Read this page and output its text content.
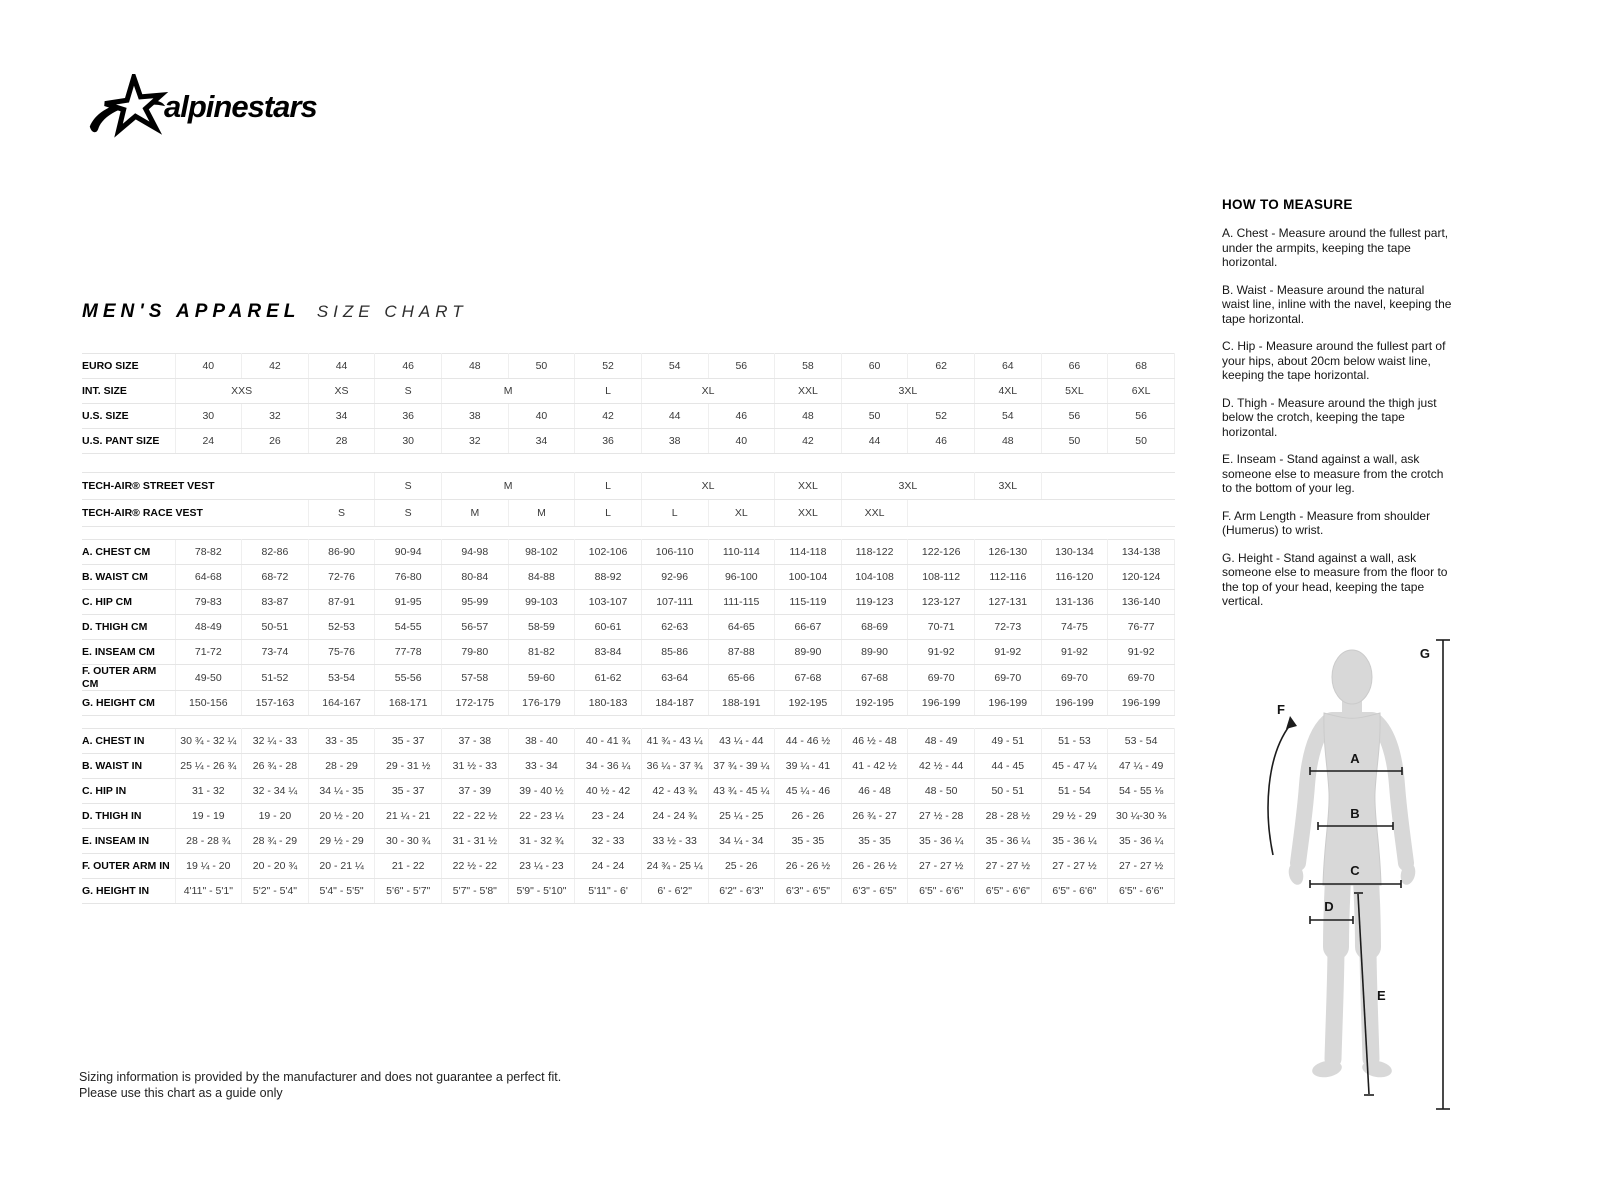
alpinestars
MEN'S APPAREL SIZE CHART
EURO SIZE	40	42	44	46	48	50	52	54	56	58	60	62	64	66	68
INT. SIZE	XXS		XS	S	M		L	XL		XXL	3XL		4XL	5XL	6XL
U.S. SIZE	30	32	34	36	38	40	42	44	46	48	50	52	54	56	56
U.S. PANT SIZE	24	26	28	30	32	34	36	38	40	42	44	46	48	50	50

TECH-AIR® STREET VEST				S	M		L	XL		XXL	3XL		3XL		
TECH-AIR® RACE VEST			S	S	M	M	L	L	XL	XXL	XXL				

A. CHEST CM	78-82	82-86	86-90	90-94	94-98	98-102	102-106	106-110	110-114	114-118	118-122	122-126	126-130	130-134	134-138
B. WAIST CM	64-68	68-72	72-76	76-80	80-84	84-88	88-92	92-96	96-100	100-104	104-108	108-112	112-116	116-120	120-124
C. HIP CM	79-83	83-87	87-91	91-95	95-99	99-103	103-107	107-111	111-115	115-119	119-123	123-127	127-131	131-136	136-140
D. THIGH CM	48-49	50-51	52-53	54-55	56-57	58-59	60-61	62-63	64-65	66-67	68-69	70-71	72-73	74-75	76-77
E. INSEAM CM	71-72	73-74	75-76	77-78	79-80	81-82	83-84	85-86	87-88	89-90	89-90	91-92	91-92	91-92	91-92
F. OUTER ARM CM	49-50	51-52	53-54	55-56	57-58	59-60	61-62	63-64	65-66	67-68	67-68	69-70	69-70	69-70	69-70
G. HEIGHT CM	150-156	157-163	164-167	168-171	172-175	176-179	180-183	184-187	188-191	192-195	192-195	196-199	196-199	196-199	196-199

A. CHEST IN	30 ¾ - 32 ¼	32 ¼ - 33	33 - 35	35 - 37	37 - 38	38 - 40	40 - 41 ¾	41 ¾ - 43 ¼	43 ¼ - 44	44 - 46 ½	46 ½ - 48	48 - 49	49 - 51	51 - 53	53 - 54
B. WAIST IN	25 ¼ - 26 ¾	26 ¾ - 28	28 - 29	29 - 31 ½	31 ½ - 33	33 - 34	34 - 36 ¼	36 ¼ - 37 ¾	37 ¾ - 39 ¼	39 ¼ - 41	41 - 42 ½	42 ½ - 44	44 - 45	45 - 47 ¼	47 ¼ - 49
C. HIP IN	31 - 32	32 - 34 ¼	34 ¼ - 35	35 - 37	37 - 39	39 - 40 ½	40 ½ - 42	42 - 43 ¾	43 ¾ - 45 ¼	45 ¼ - 46	46 - 48	48 - 50	50 - 51	51 - 54	54 - 55 ⅛
D. THIGH IN	19 - 19	19 - 20	20 ½ - 20	21 ¼ - 21	22 - 22 ½	22 - 23 ¼	23 - 24	24 - 24 ¾	25 ¼ - 25	26 - 26	26 ¾ - 27	27 ½ - 28	28 - 28 ½	29 ½ - 29	30 ¼-30 ⅜
E. INSEAM IN	28 - 28 ¾	28 ¾ - 29	29 ½ - 29	30 - 30 ¾	31 - 31 ½	31 - 32 ¾	32 - 33	33 ½ - 33	34 ¼ - 34	35 - 35	35 - 35	35 - 36 ¼	35 - 36 ¼	35 - 36 ¼	35 - 36 ¼
F. OUTER ARM IN	19 ¼ - 20	20 - 20 ¾	20 - 21 ¼	21 - 22	22 ½ - 22	23 ¼ - 23	24 - 24	24 ¾ - 25 ¼	25 - 26	26 - 26 ½	26 - 26 ½	27 - 27 ½	27 - 27 ½	27 - 27 ½	27 - 27 ½
G. HEIGHT IN	4'11" - 5'1"	5'2" - 5'4"	5'4" - 5'5"	5'6" - 5'7"	5'7" - 5'8"	5'9" - 5'10"	5'11" - 6'	6' - 6'2"	6'2" - 6'3"	6'3" - 6'5"	6'3" - 6'5"	6'5" - 6'6"	6'5" - 6'6"	6'5" - 6'6"	6'5" - 6'6"
HOW TO MEASURE

A. Chest - Measure around the fullest part, under the armpits, keeping the tape horizontal.

B. Waist - Measure around the natural waist line, inline with the navel, keeping the tape horizontal.

C. Hip - Measure around the fullest part of your hips, about 20cm below waist line, keeping the tape horizontal.

D. Thigh - Measure around the thigh just below the crotch, keeping the tape horizontal.

E. Inseam - Stand against a wall, ask someone else to measure from the crotch to the bottom of your leg.

F. Arm Length - Measure from shoulder (Humerus) to wrist.

G. Height - Stand against a wall, ask someone else to measure from the floor to the top of your head, keeping the tape vertical.

A
B
C
D
E
F
G
Sizing information is provided by the manufacturer and does not guarantee a perfect fit.
Please use this chart as a guide only
